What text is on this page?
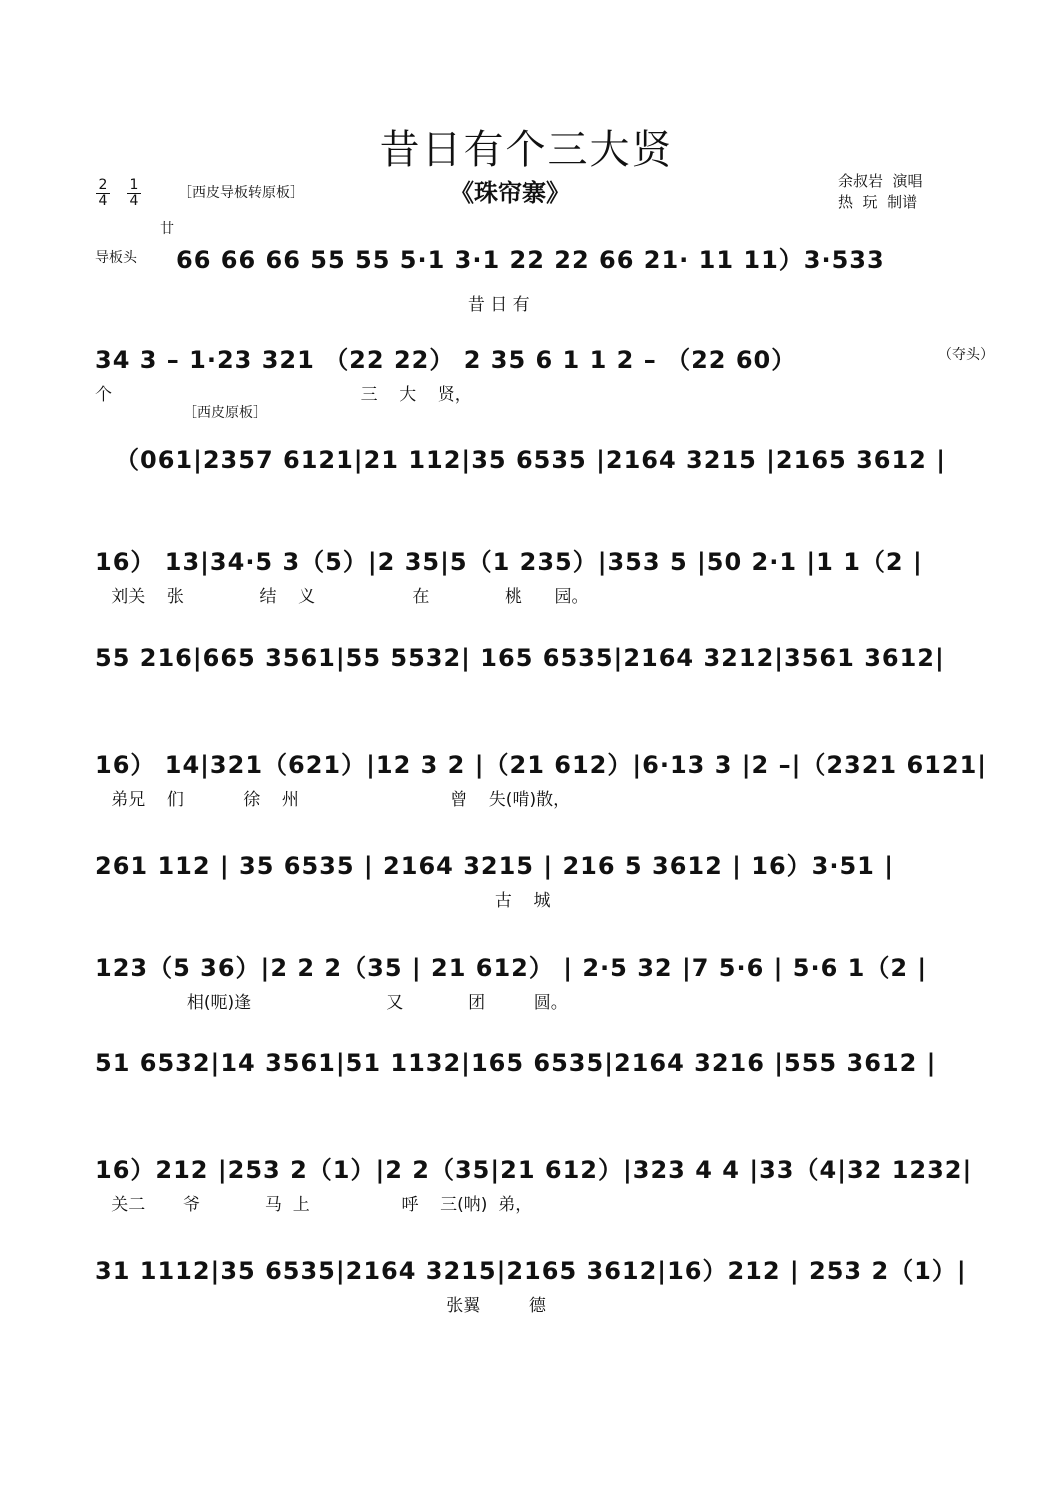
昔日有个三大贤
《珠帘寨》	余叔岩  演唱
热  玩  制谱
$\frac{2}{4} \frac{1}{4}$	［西皮导板转原板］
廿
导板头
［西皮原板］
66 66 66 55 55 5·1 3·1 22 22 66 21· 11 11）3·533
昔 日 有
34 3 – 1·23 321 （22 22） 2 35 6 1 1 2 – （22 60）	（夺头）
个                                              三    大    贤，
（061|2357 6121|21 112|35 6535 |2164 3215 |2165 3612 |
16） 13|34·5 3（5）|2 35|5（1 235）|353 5 |50 2·1 |1 1（2 |
刘关    张              结    义                  在              桃      园。
55 216|665 3561|55 5532| 165 6535|2164 3212|3561 3612|
16） 14|321（621）|12 3 2 |（21 612）|6·13 3 |2 –|（2321 6121|
弟兄    们           徐    州                            曾    失(啃)散，
261 112 | 35 6535 | 2164 3215 | 216 5 3612 | 16）3·51 |
古    城
123（5 36）|2 2 2（35 | 21 612） | 2·5 32 |7 5·6 | 5·6 1（2 |
相(呃)逢                         又            团         圆。
51 6532|14 3561|51 1132|165 6535|2164 3216 |555 3612 |
16）212 |253 2（1）|2 2（35|21 612）|323 4 4 |33（4|32 1232|
关二       爷            马  上                 呼    三(呐)  弟，
31 1112|35 6535|2164 3215|2165 3612|16）212 | 253 2（1）|
张翼         德
